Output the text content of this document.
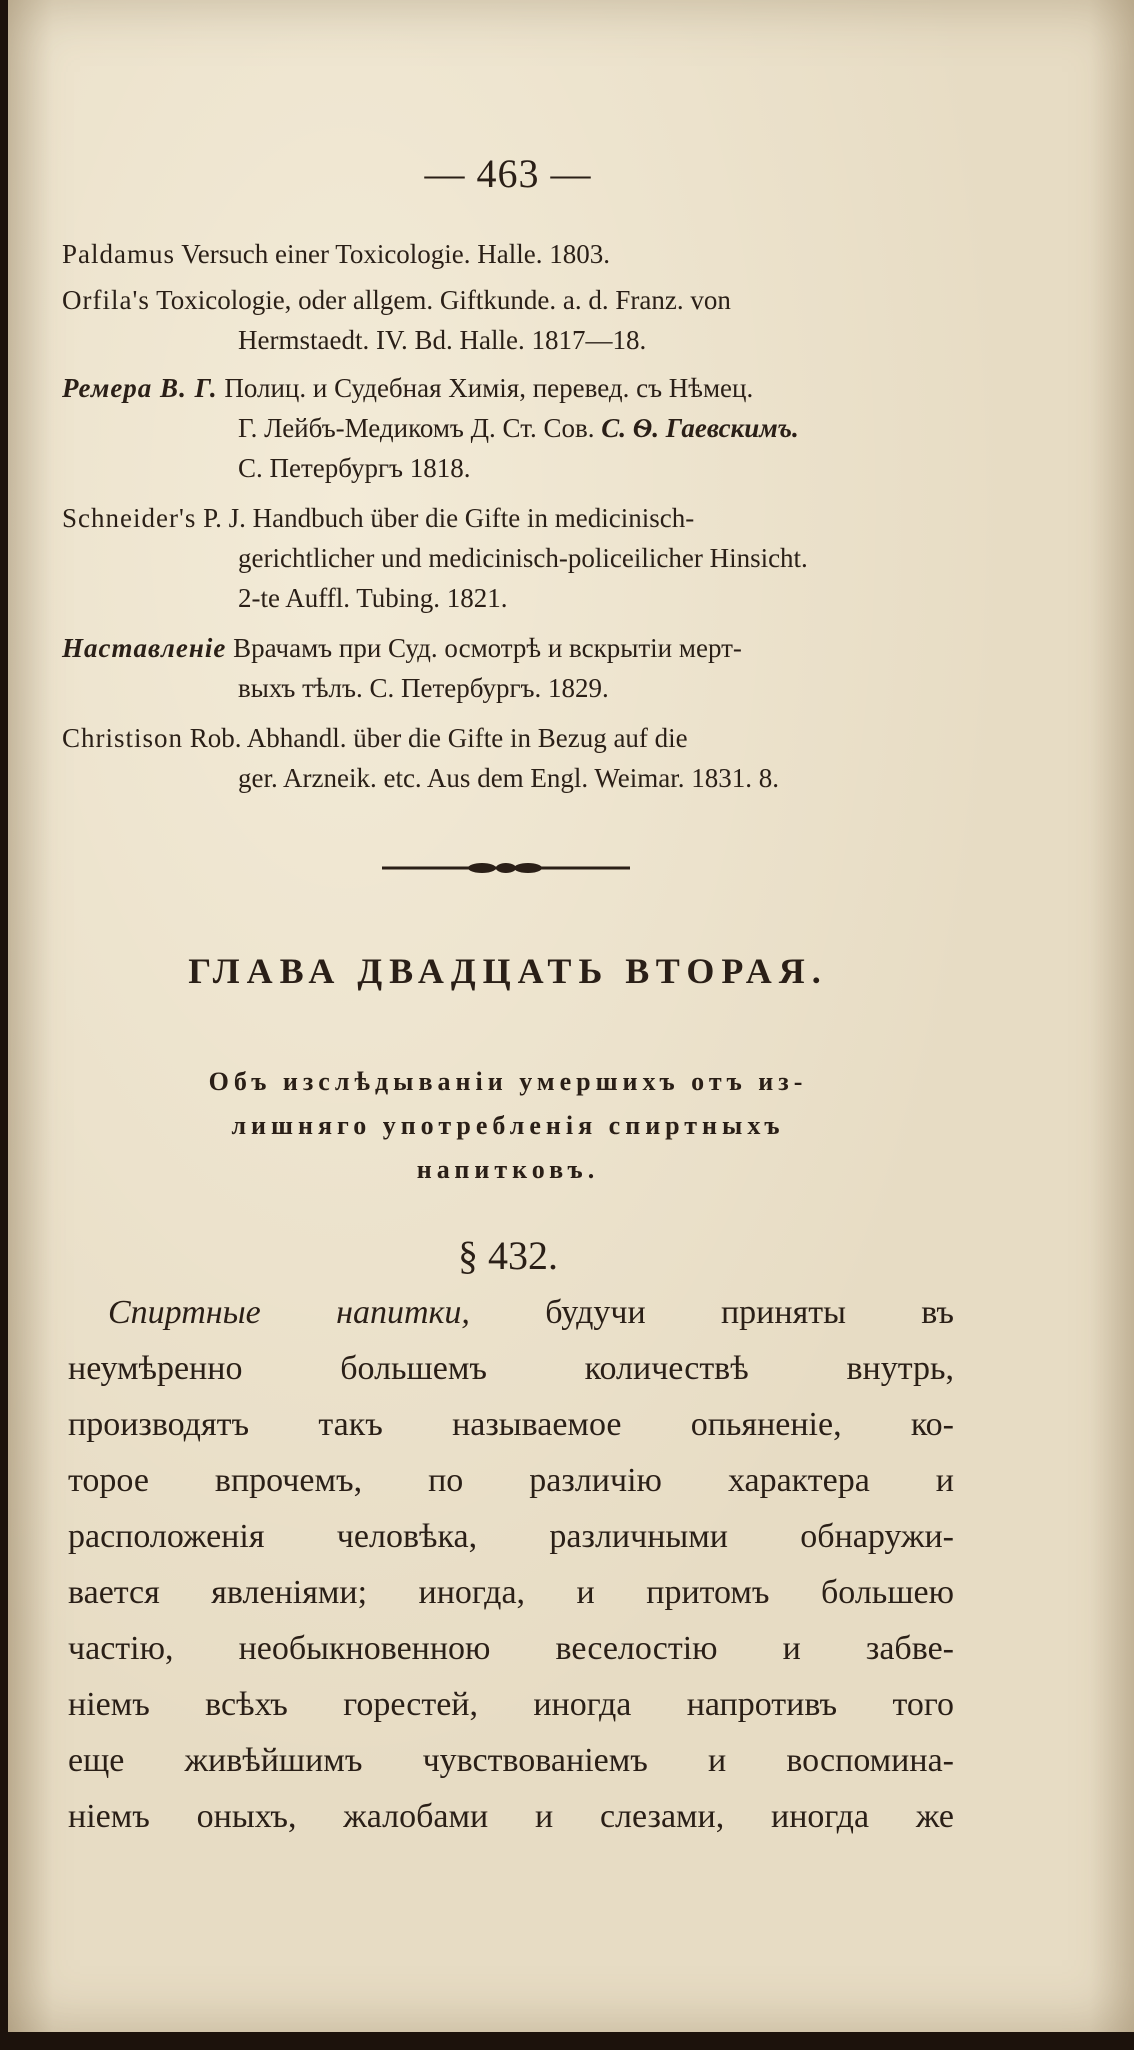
— 463 —
Paldamus Versuch einer Toxicologie. Halle. 1803.
Orfila's Toxicologie, oder allgem. Giftkunde. a. d. Franz. von
Hermstaedt. IV. Bd. Halle. 1817—18.
Ремера В. Г. Полиц. и Судебная Химія, перевед. съ Нѣмец.
Г. Лейбъ-Медикомъ Д. Ст. Сов. С. Ѳ. Гаевскимъ.
С. Петербургъ 1818.
Schneider's P. J. Handbuch über die Gifte in medicinisch-
gerichtlicher und medicinisch-policeilicher Hinsicht.
2-te Auffl. Tubing. 1821.
Наставленіе Врачамъ при Суд. осмотрѣ и вскрытіи мерт-
выхъ тѣлъ. С. Петербургъ. 1829.
Christison Rob. Abhandl. über die Gifte in Bezug auf die
ger. Arzneik. etc. Aus dem Engl. Weimar. 1831. 8.
ГЛАВА ДВАДЦАТЬ ВТОРАЯ.
Объ изслѣдываніи умершихъ отъ из-
лишняго употребленія спиртныхъ
напитковъ.
§ 432.
Спиртные напитки, будучи приняты въ
неумѣренно большемъ количествѣ внутрь,
производятъ такъ называемое опьяненіе, ко-
торое впрочемъ, по различію характера и
расположенія человѣка, различными обнаружи-
вается явленіями; иногда, и притомъ большею
частію, необыкновенною веселостію и забве-
ніемъ всѣхъ горестей, иногда напротивъ того
еще живѣйшимъ чувствованіемъ и воспомина-
ніемъ оныхъ, жалобами и слезами, иногда же
